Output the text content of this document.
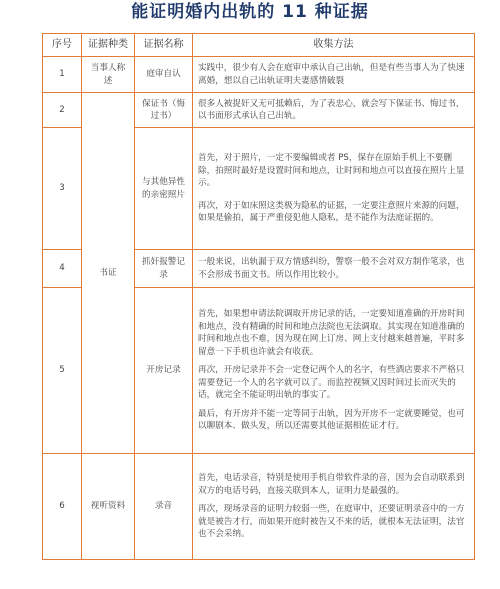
能证明婚内出轨的 11 种证据
序号	证据种类	证据名称	收集方法
1	当事人称述	庭审自认	实践中，很少有人会在庭审中承认自己出轨，但是有些当事人为了快速离婚，想以自己出轨证明夫妻感情破裂

2	书证	保证书（悔过书）	很多人被捉奸又无可抵赖后，为了表忠心，就会写下保证书、悔过书，以书面形式承认自己出轨。

3		与其他异性的亲密照片	首先，对于照片，一定不要编辑或者 PS，保存在原始手机上不要删除，拍照时最好是设置时间和地点，让时间和地点可以直接在照片上显示。

再次，对于如床照这类极为隐私的证据，一定要注意照片来源的问题，如果是偷拍，属于严重侵犯他人隐私，是不能作为法庭证据的。

4		抓奸报警记录	一般来说，出轨漏于双方情感纠纷，警察一般不会对双方制作笔录，也不会形成书面文书。所以作用比较小。

5		开房记录	首先，如果想申请法院调取开房记录的话，一定要知道准确的开房时间和地点，没有精确的时间和地点法院也无法调取。其实现在知道准确的时间和地点也不难，因为现在网上订房、网上支付越来越普遍，平时多留意一下手机也许就会有收获。

再次，开房记录并不会一定登记两个人的名字，有些酒店要求不严格只需要登记一个人的名字就可以了。而监控视频又因时间过长而灭失的话，就完全不能证明出轨的事实了。

最后，有开房并不能一定等同于出轨，因为开房不一定就要睡觉，也可以聊剧本、做头发，所以还需要其他证据相佐证才行。

6	视听资料	录音	首先，电话录音，特别是使用手机自带软件录的音，因为会自动联系到双方的电话号码，直接关联到本人，证明力是最强的。

再次，现场录音的证明力较弱一些，在庭审中，还要证明录音中的一方就是被告才行，而如果开庭时被告又不来的话，就根本无法证明，法官也不会采纳。
